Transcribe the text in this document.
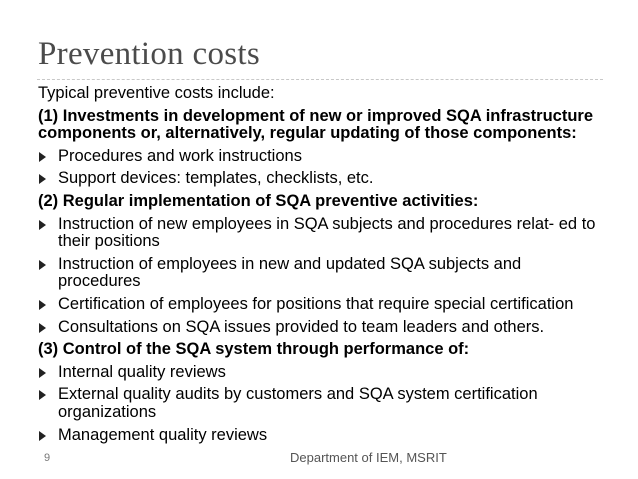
Prevention costs

Typical preventive costs include:

(1) Investments in development of new or improved SQA infrastructure components or, alternatively, regular updating of those components:

Procedures and work instructions
Support devices: templates, checklists, etc.

(2) Regular implementation of SQA preventive activities:

Instruction of new employees in SQA subjects and procedures relat- ed to their positions
Instruction of employees in new and updated SQA subjects and procedures
Certification of employees for positions that require special certification
Consultations on SQA issues provided to team leaders and others.

(3) Control of the SQA system through performance of:

Internal quality reviews
External quality audits by customers and SQA system certification organizations
Management quality reviews
9	Department of IEM, MSRIT
